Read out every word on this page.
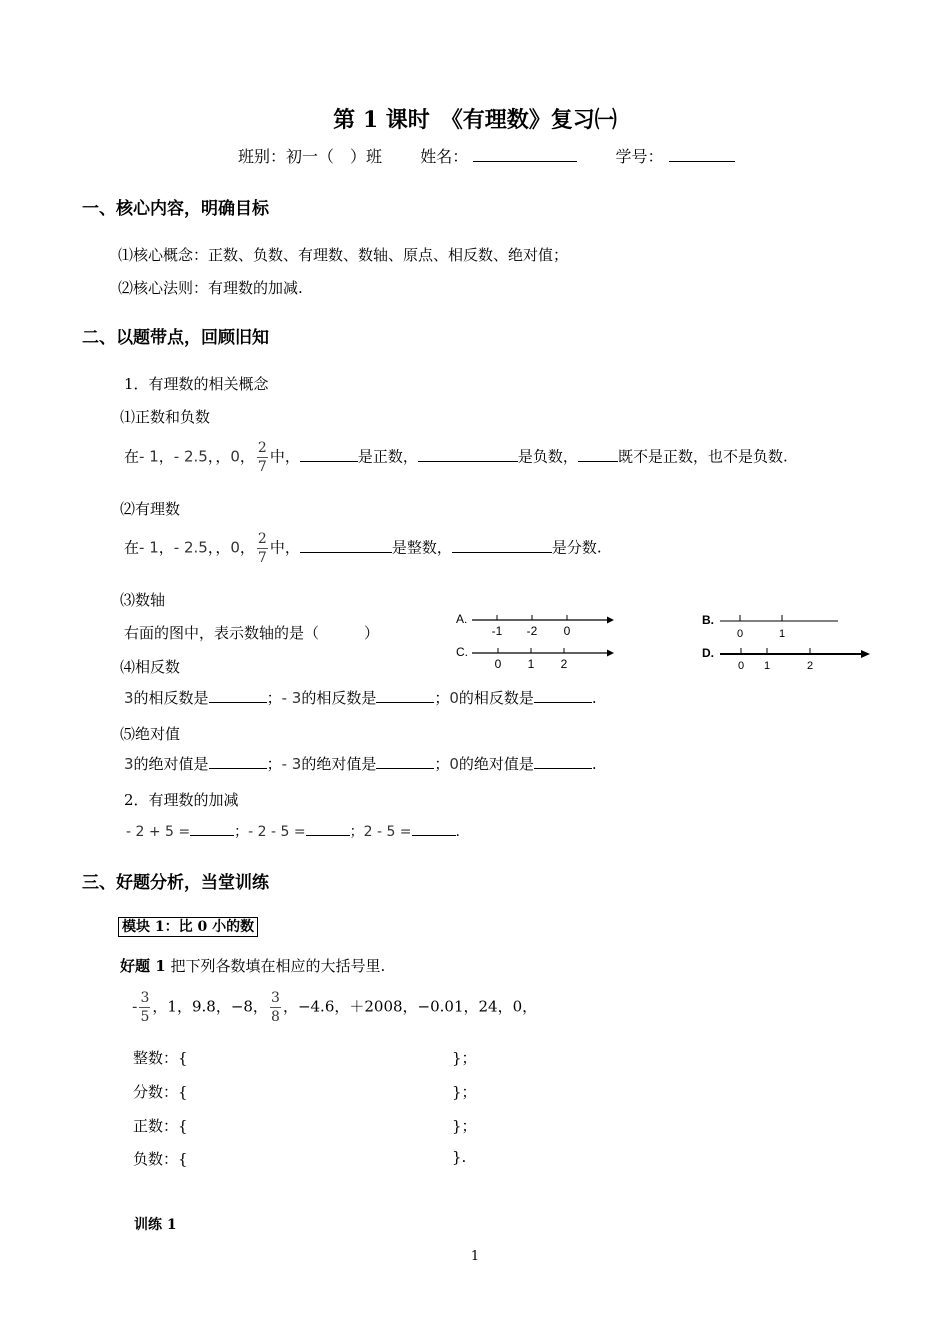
第 1 课时　《有理数》复习㈠
班别：初一（　）班 姓名：	学号：
一、核心内容，明确目标
⑴核心概念：正数、负数、有理数、数轴、原点、相反数、绝对值；
⑵核心法则：有理数的加减.
二、以题带点，回顾旧知
1．有理数的相关概念
⑴正数和负数
在- 1，- 2.5，，0， $\frac{2}{7}$ 中，	是正数，	是负数，	既不是正数，也不是负数.
⑵有理数
在- 1，- 2.5，，0， $\frac{2}{7}$ 中，	是整数，	是分数.
⑶数轴
右面的图中，表示数轴的是（　　　）
A.
-1 -2 0
C.
0 1 2
B.
0	1
D.
0 1	2
⑷相反数
3的相反数是	；- 3的相反数是	；0的相反数是	.
⑸绝对值
3的绝对值是	；- 3的绝对值是	；0的绝对值是	.
2．有理数的加减
- 2 + 5 =	；- 2 - 5 =	；2 - 5 =	.
三、好题分析，当堂训练
模块 1：比 0 小的数
好题 1 把下列各数填在相应的大括号里.
- $\frac{3}{5}$ ，1，9.8，−8， $\frac{3}{8}$ ，−4.6，＋2008，−0.01，24，0，
整数：{	}；
分数：{	}；
正数：{	}；
负数：{	}.
训练 1
1
